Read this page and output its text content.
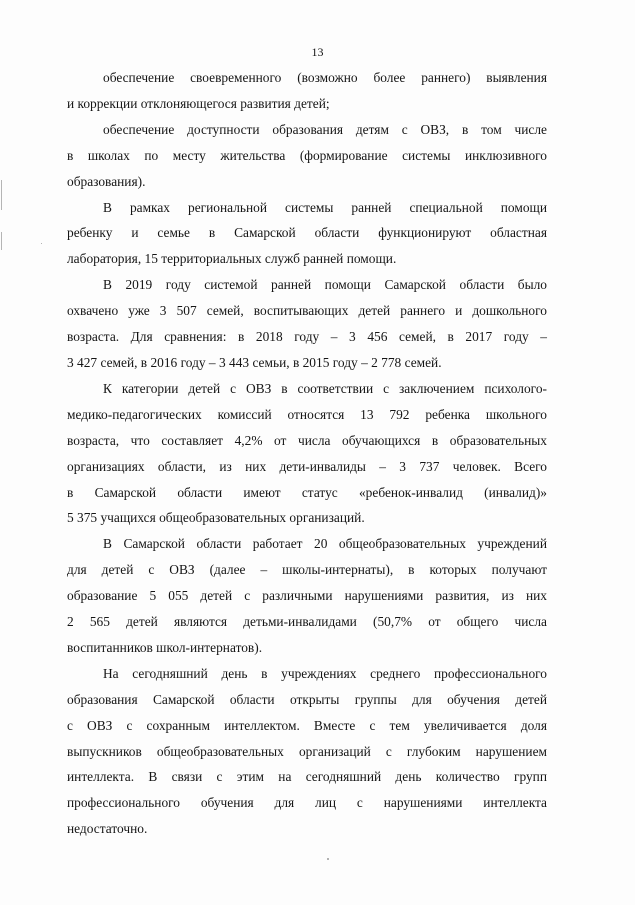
13
обеспечение своевременного (возможно более раннего) выявления
и коррекции отклоняющегося развития детей;
обеспечение доступности образования детям с ОВЗ, в том числе
в школах по месту жительства (формирование системы инклюзивного
образования).
В рамках региональной системы ранней специальной помощи
ребенку и семье в Самарской области функционируют областная
лаборатория, 15 территориальных служб ранней помощи.
В 2019 году системой ранней помощи Самарской области было
охвачено уже 3 507 семей, воспитывающих детей раннего и дошкольного
возраста. Для сравнения: в 2018 году – 3 456 семей, в 2017 году –
3 427 семей, в 2016 году – 3 443 семьи, в 2015 году – 2 778 семей.
К категории детей с ОВЗ в соответствии с заключением психолого-
медико-педагогических комиссий относятся 13 792 ребенка школьного
возраста, что составляет 4,2% от числа обучающихся в образовательных
организациях области, из них дети-инвалиды – 3 737 человек. Всего
в Самарской области имеют статус «ребенок-инвалид (инвалид)»
5 375 учащихся общеобразовательных организаций.
В Самарской области работает 20 общеобразовательных учреждений
для детей с ОВЗ (далее – школы-интернаты), в которых получают
образование 5 055 детей с различными нарушениями развития, из них
2 565 детей являются детьми-инвалидами (50,7% от общего числа
воспитанников школ-интернатов).
На сегодняшний день в учреждениях среднего профессионального
образования Самарской области открыты группы для обучения детей
с ОВЗ с сохранным интеллектом. Вместе с тем увеличивается доля
выпускников общеобразовательных организаций с глубоким нарушением
интеллекта. В связи с этим на сегодняшний день количество групп
профессионального обучения для лиц с нарушениями интеллекта
недостаточно.
